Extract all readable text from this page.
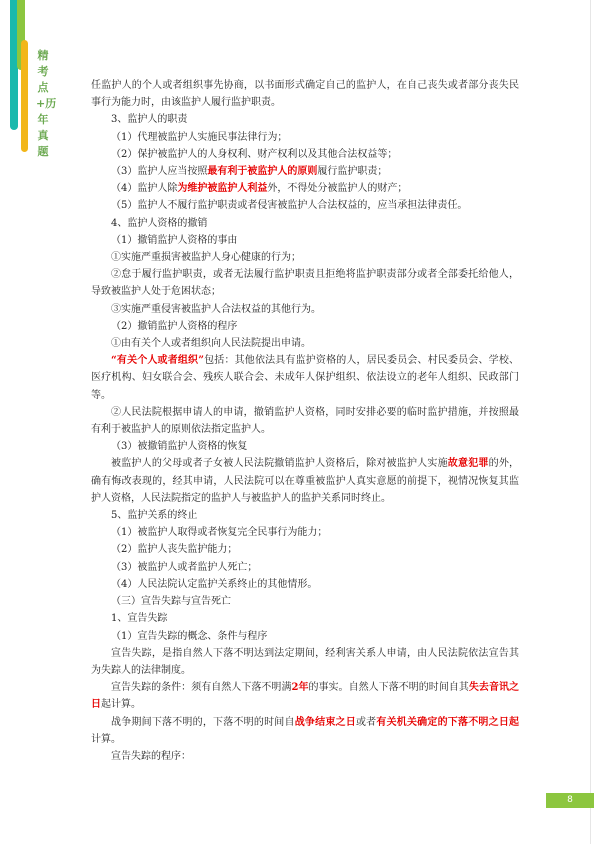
精考点+历年真题

任监护人的个人或者组织事先协商，以书面形式确定自己的监护人，在自己丧失或者部分丧失民事行为能力时，由该监护人履行监护职责。

3、监护人的职责

（1）代理被监护人实施民事法律行为；

（2）保护被监护人的人身权利、财产权利以及其他合法权益等；

（3）监护人应当按照最有利于被监护人的原则履行监护职责；

（4）监护人除为维护被监护人利益外，不得处分被监护人的财产；

（5）监护人不履行监护职责或者侵害被监护人合法权益的，应当承担法律责任。

4、监护人资格的撤销

（1）撤销监护人资格的事由

①实施严重损害被监护人身心健康的行为；

②怠于履行监护职责，或者无法履行监护职责且拒绝将监护职责部分或者全部委托给他人，导致被监护人处于危困状态；

③实施严重侵害被监护人合法权益的其他行为。

（2）撤销监护人资格的程序

①由有关个人或者组织向人民法院提出申请。

“有关个人或者组织”包括：其他依法具有监护资格的人，居民委员会、村民委员会、学校、医疗机构、妇女联合会、残疾人联合会、未成年人保护组织、依法设立的老年人组织、民政部门等。

②人民法院根据申请人的申请，撤销监护人资格，同时安排必要的临时监护措施，并按照最有利于被监护人的原则依法指定监护人。

（3）被撤销监护人资格的恢复

被监护人的父母或者子女被人民法院撤销监护人资格后，除对被监护人实施故意犯罪的外，确有悔改表现的，经其申请，人民法院可以在尊重被监护人真实意愿的前提下，视情况恢复其监护人资格，人民法院指定的监护人与被监护人的监护关系同时终止。

5、监护关系的终止

（1）被监护人取得或者恢复完全民事行为能力；

（2）监护人丧失监护能力；

（3）被监护人或者监护人死亡；

（4）人民法院认定监护关系终止的其他情形。

（三）宣告失踪与宣告死亡

1、宣告失踪

（1）宣告失踪的概念、条件与程序

宣告失踪，是指自然人下落不明达到法定期间，经利害关系人申请，由人民法院依法宣告其为失踪人的法律制度。

宣告失踪的条件：须有自然人下落不明满2年的事实。自然人下落不明的时间自其失去音讯之日起计算。

战争期间下落不明的，下落不明的时间自战争结束之日或者有关机关确定的下落不明之日起计算。

宣告失踪的程序：

8
